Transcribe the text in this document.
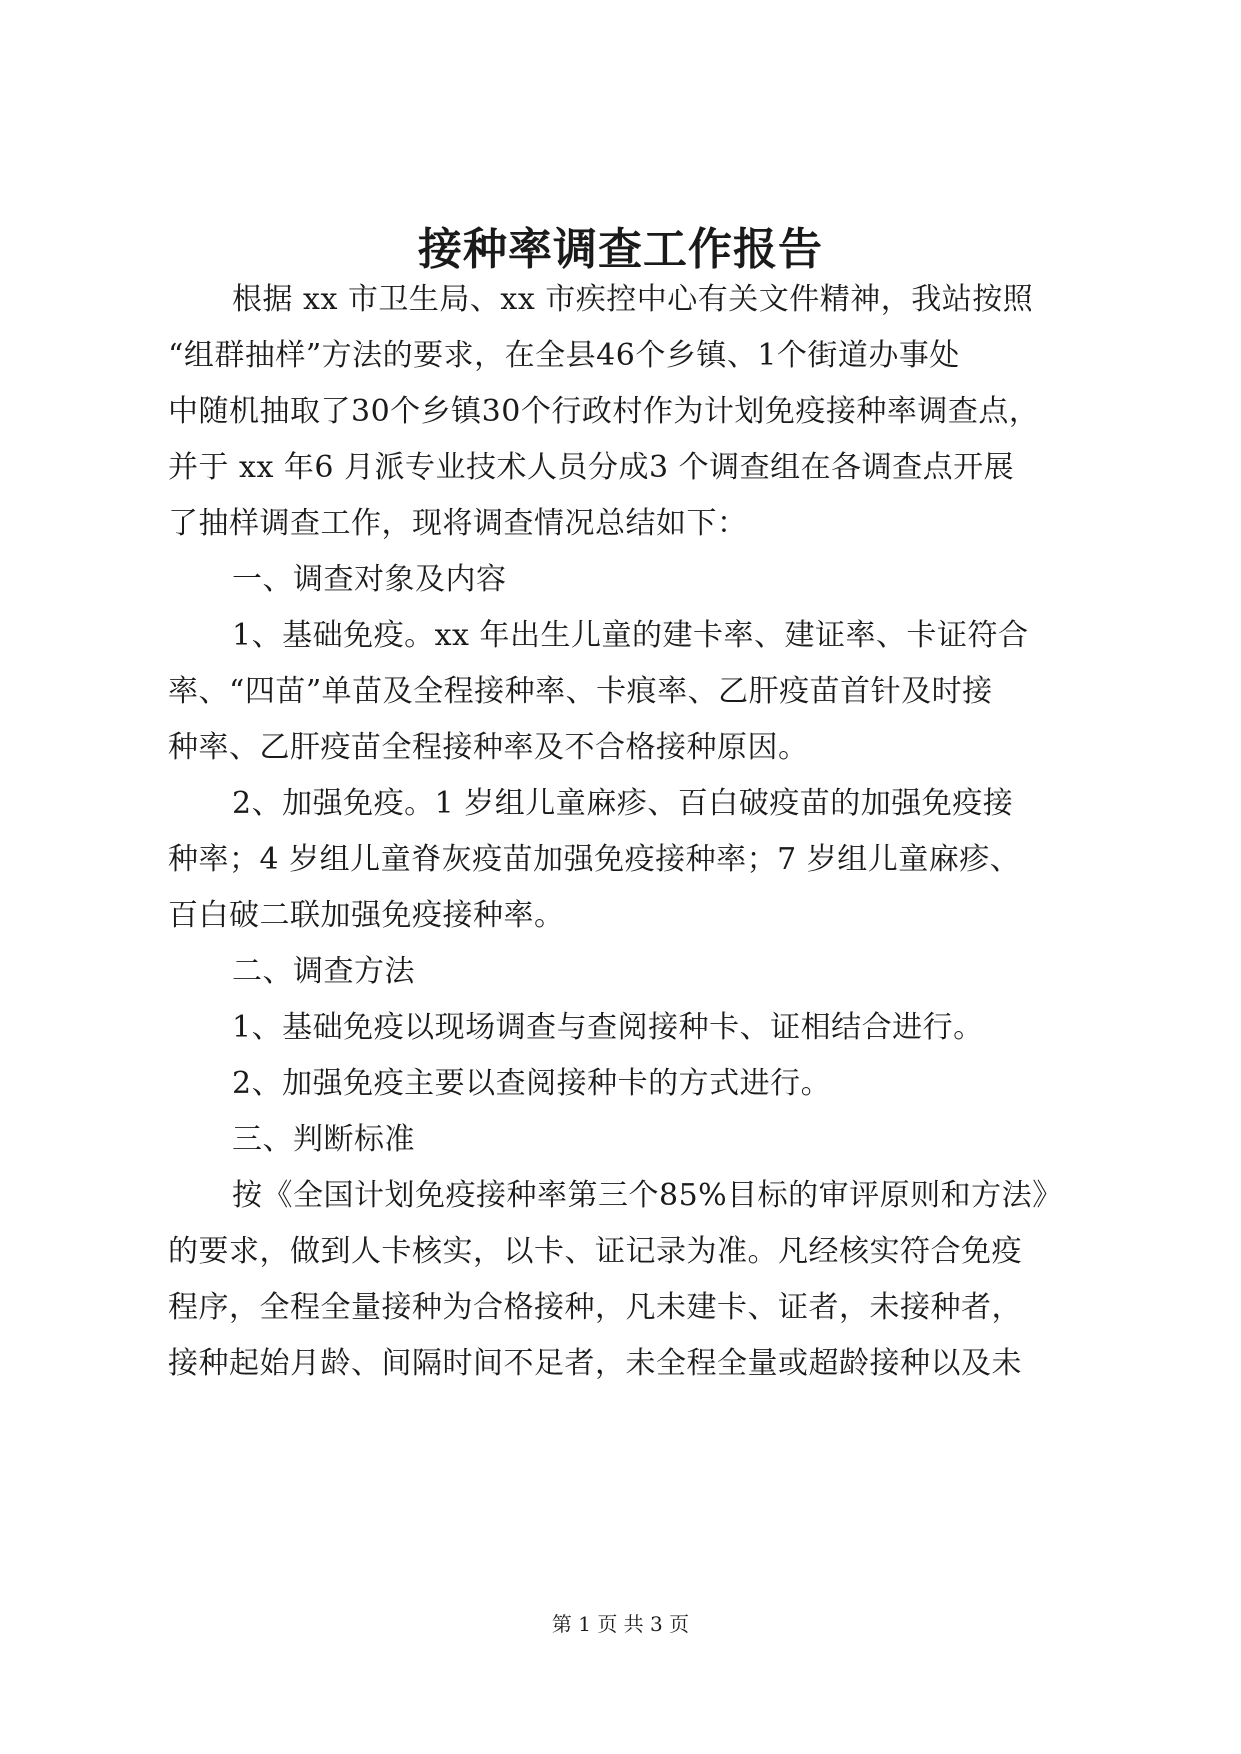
接种率调查工作报告
根据 xx 市卫生局、xx 市疾控中心有关文件精神，我站按照
“组群抽样”方法的要求，在全县46个乡镇、1个街道办事处
中随机抽取了30个乡镇30个行政村作为计划免疫接种率调查点，
并于 xx 年6 月派专业技术人员分成3 个调查组在各调查点开展
了抽样调查工作，现将调查情况总结如下：
一、调查对象及内容
1、基础免疫。xx 年出生儿童的建卡率、建证率、卡证符合
率、“四苗”单苗及全程接种率、卡痕率、乙肝疫苗首针及时接
种率、乙肝疫苗全程接种率及不合格接种原因。
2、加强免疫。1 岁组儿童麻疹、百白破疫苗的加强免疫接
种率；4 岁组儿童脊灰疫苗加强免疫接种率；7 岁组儿童麻疹、
百白破二联加强免疫接种率。
二、调查方法
1、基础免疫以现场调查与查阅接种卡、证相结合进行。
2、加强免疫主要以查阅接种卡的方式进行。
三、判断标准
按《全国计划免疫接种率第三个85%目标的审评原则和方法》
的要求，做到人卡核实，以卡、证记录为准。凡经核实符合免疫
程序，全程全量接种为合格接种，凡未建卡、证者，未接种者，
接种起始月龄、间隔时间不足者，未全程全量或超龄接种以及未
第 1 页 共 3 页
